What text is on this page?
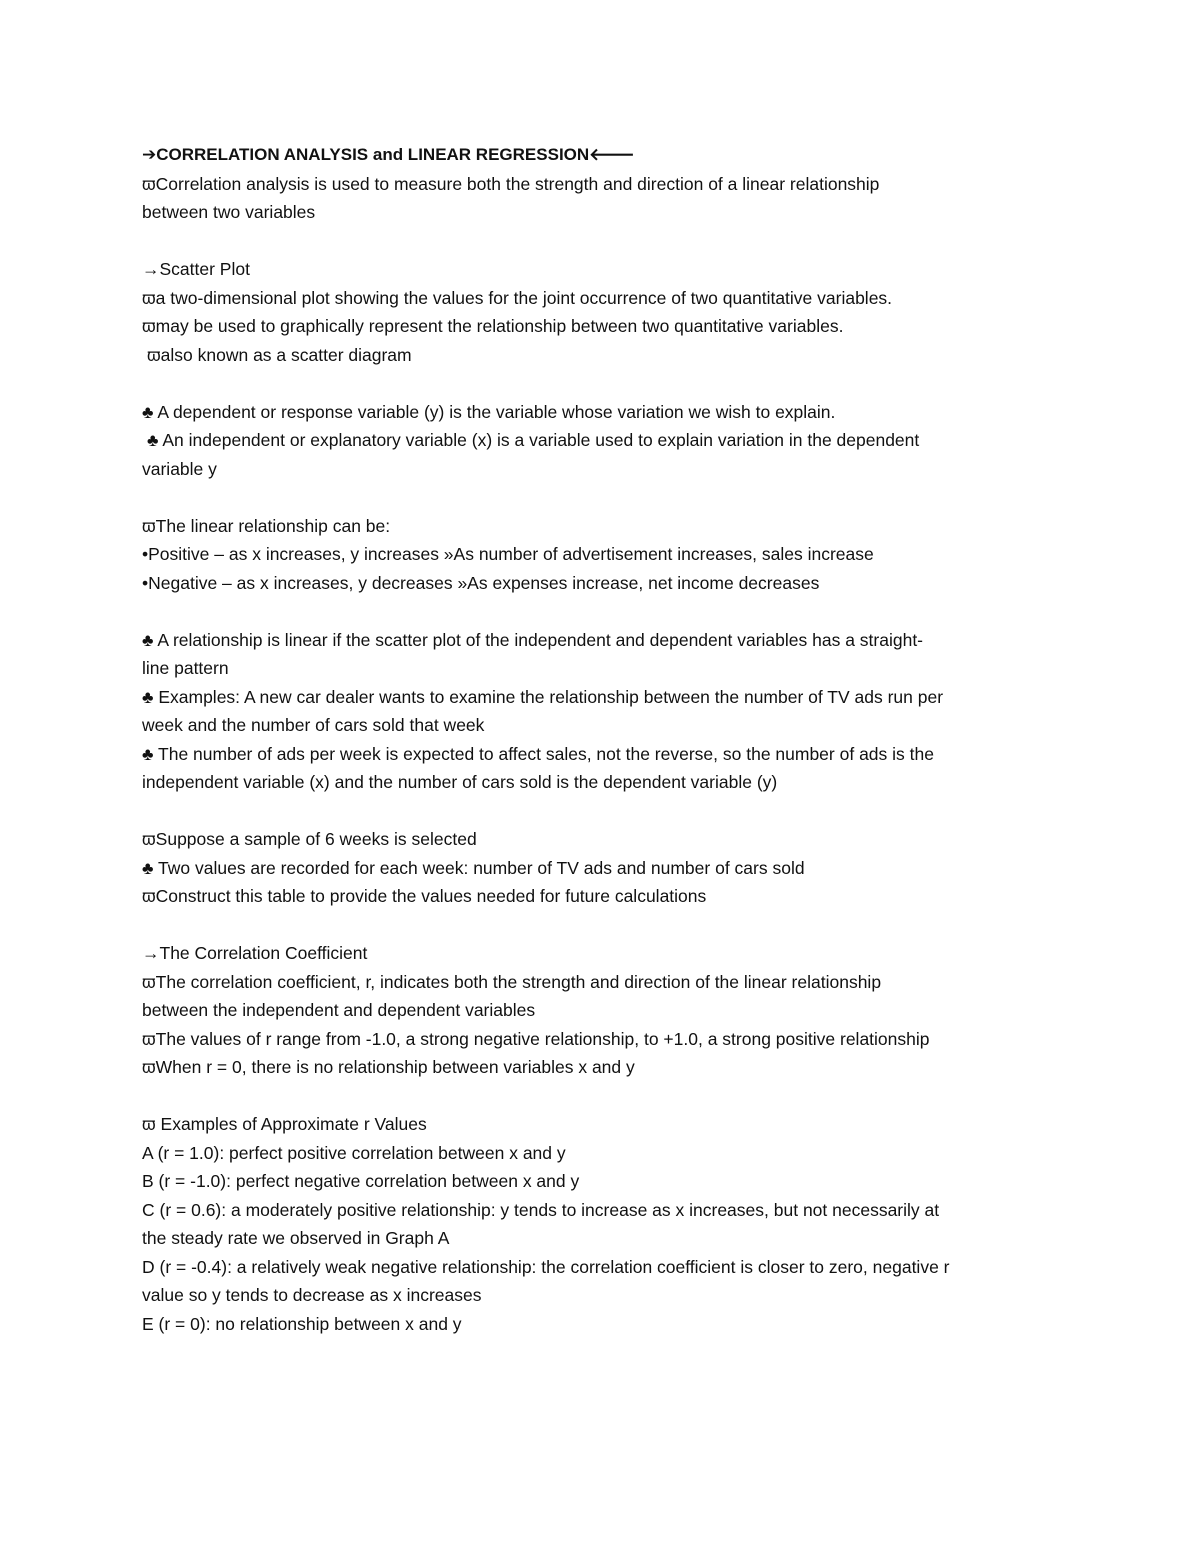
➔CORRELATION ANALYSIS and LINEAR REGRESSION🡐
ϖCorrelation analysis is used to measure both the strength and direction of a linear relationship
between two variables
→Scatter Plot
ϖa two-dimensional plot showing the values for the joint occurrence of two quantitative variables.
ϖmay be used to graphically represent the relationship between two quantitative variables.
ϖalso known as a scatter diagram
♣ A dependent or response variable (y) is the variable whose variation we wish to explain.
♣ An independent or explanatory variable (x) is a variable used to explain variation in the dependent
variable y
ϖThe linear relationship can be:
•Positive – as x increases, y increases »As number of advertisement increases, sales increase
•Negative – as x increases, y decreases »As expenses increase, net income decreases
♣ A relationship is linear if the scatter plot of the independent and dependent variables has a straight-
line pattern
♣ Examples: A new car dealer wants to examine the relationship between the number of TV ads run per
week and the number of cars sold that week
♣ The number of ads per week is expected to affect sales, not the reverse, so the number of ads is the
independent variable (x) and the number of cars sold is the dependent variable (y)
ϖSuppose a sample of 6 weeks is selected
♣ Two values are recorded for each week: number of TV ads and number of cars sold
ϖConstruct this table to provide the values needed for future calculations
→The Correlation Coefficient
ϖThe correlation coefficient, r, indicates both the strength and direction of the linear relationship
between the independent and dependent variables
ϖThe values of r range from -1.0, a strong negative relationship, to +1.0, a strong positive relationship
ϖWhen r = 0, there is no relationship between variables x and y
ϖ Examples of Approximate r Values
A (r = 1.0): perfect positive correlation between x and y
B (r = -1.0): perfect negative correlation between x and y
C (r = 0.6): a moderately positive relationship: y tends to increase as x increases, but not necessarily at
the steady rate we observed in Graph A
D (r = -0.4): a relatively weak negative relationship: the correlation coefficient is closer to zero, negative r
value so y tends to decrease as x increases
E (r = 0): no relationship between x and y
